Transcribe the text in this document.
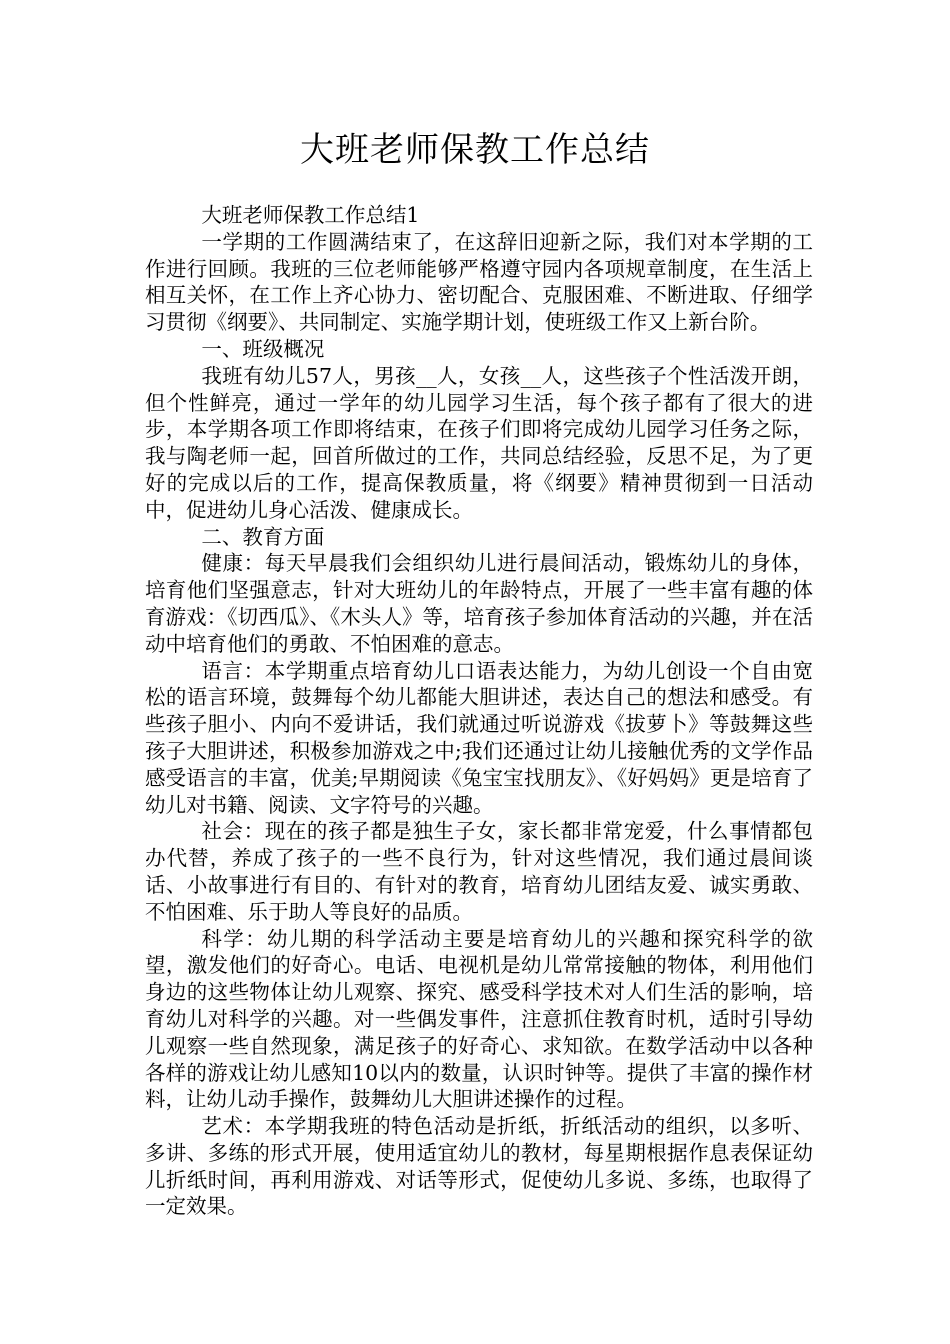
大班老师保教工作总结

大班老师保教工作总结1

一学期的工作圆满结束了，在这辞旧迎新之际，我们对本学期的工作进行回顾。我班的三位老师能够严格遵守园内各项规章制度，在生活上相互关怀，在工作上齐心协力、密切配合、克服困难、不断进取、仔细学习贯彻《纲要》、共同制定、实施学期计划，使班级工作又上新台阶。

一、班级概况

我班有幼儿57人，男孩__人，女孩__人，这些孩子个性活泼开朗，但个性鲜亮，通过一学年的幼儿园学习生活，每个孩子都有了很大的进步，本学期各项工作即将结束，在孩子们即将完成幼儿园学习任务之际，我与陶老师一起，回首所做过的工作，共同总结经验，反思不足，为了更好的完成以后的工作，提高保教质量，将《纲要》精神贯彻到一日活动中，促进幼儿身心活泼、健康成长。

二、教育方面

健康：每天早晨我们会组织幼儿进行晨间活动，锻炼幼儿的身体，培育他们坚强意志，针对大班幼儿的年龄特点，开展了一些丰富有趣的体育游戏：《切西瓜》、《木头人》等，培育孩子参加体育活动的兴趣，并在活动中培育他们的勇敢、不怕困难的意志。

语言：本学期重点培育幼儿口语表达能力，为幼儿创设一个自由宽松的语言环境，鼓舞每个幼儿都能大胆讲述，表达自己的想法和感受。有些孩子胆小、内向不爱讲话，我们就通过听说游戏《拔萝卜》等鼓舞这些孩子大胆讲述，积极参加游戏之中;我们还通过让幼儿接触优秀的文学作品感受语言的丰富，优美;早期阅读《兔宝宝找朋友》、《好妈妈》更是培育了幼儿对书籍、阅读、文字符号的兴趣。

社会：现在的孩子都是独生子女，家长都非常宠爱，什么事情都包办代替，养成了孩子的一些不良行为，针对这些情况，我们通过晨间谈话、小故事进行有目的、有针对的教育，培育幼儿团结友爱、诚实勇敢、不怕困难、乐于助人等良好的品质。

科学：幼儿期的科学活动主要是培育幼儿的兴趣和探究科学的欲望，激发他们的好奇心。电话、电视机是幼儿常常接触的物体，利用他们身边的这些物体让幼儿观察、探究、感受科学技术对人们生活的影响，培育幼儿对科学的兴趣。对一些偶发事件，注意抓住教育时机，适时引导幼儿观察一些自然现象，满足孩子的好奇心、求知欲。在数学活动中以各种各样的游戏让幼儿感知10以内的数量，认识时钟等。提供了丰富的操作材料，让幼儿动手操作，鼓舞幼儿大胆讲述操作的过程。

艺术：本学期我班的特色活动是折纸，折纸活动的组织，以多听、多讲、多练的形式开展，使用适宜幼儿的教材，每星期根据作息表保证幼儿折纸时间，再利用游戏、对话等形式，促使幼儿多说、多练，也取得了一定效果。
